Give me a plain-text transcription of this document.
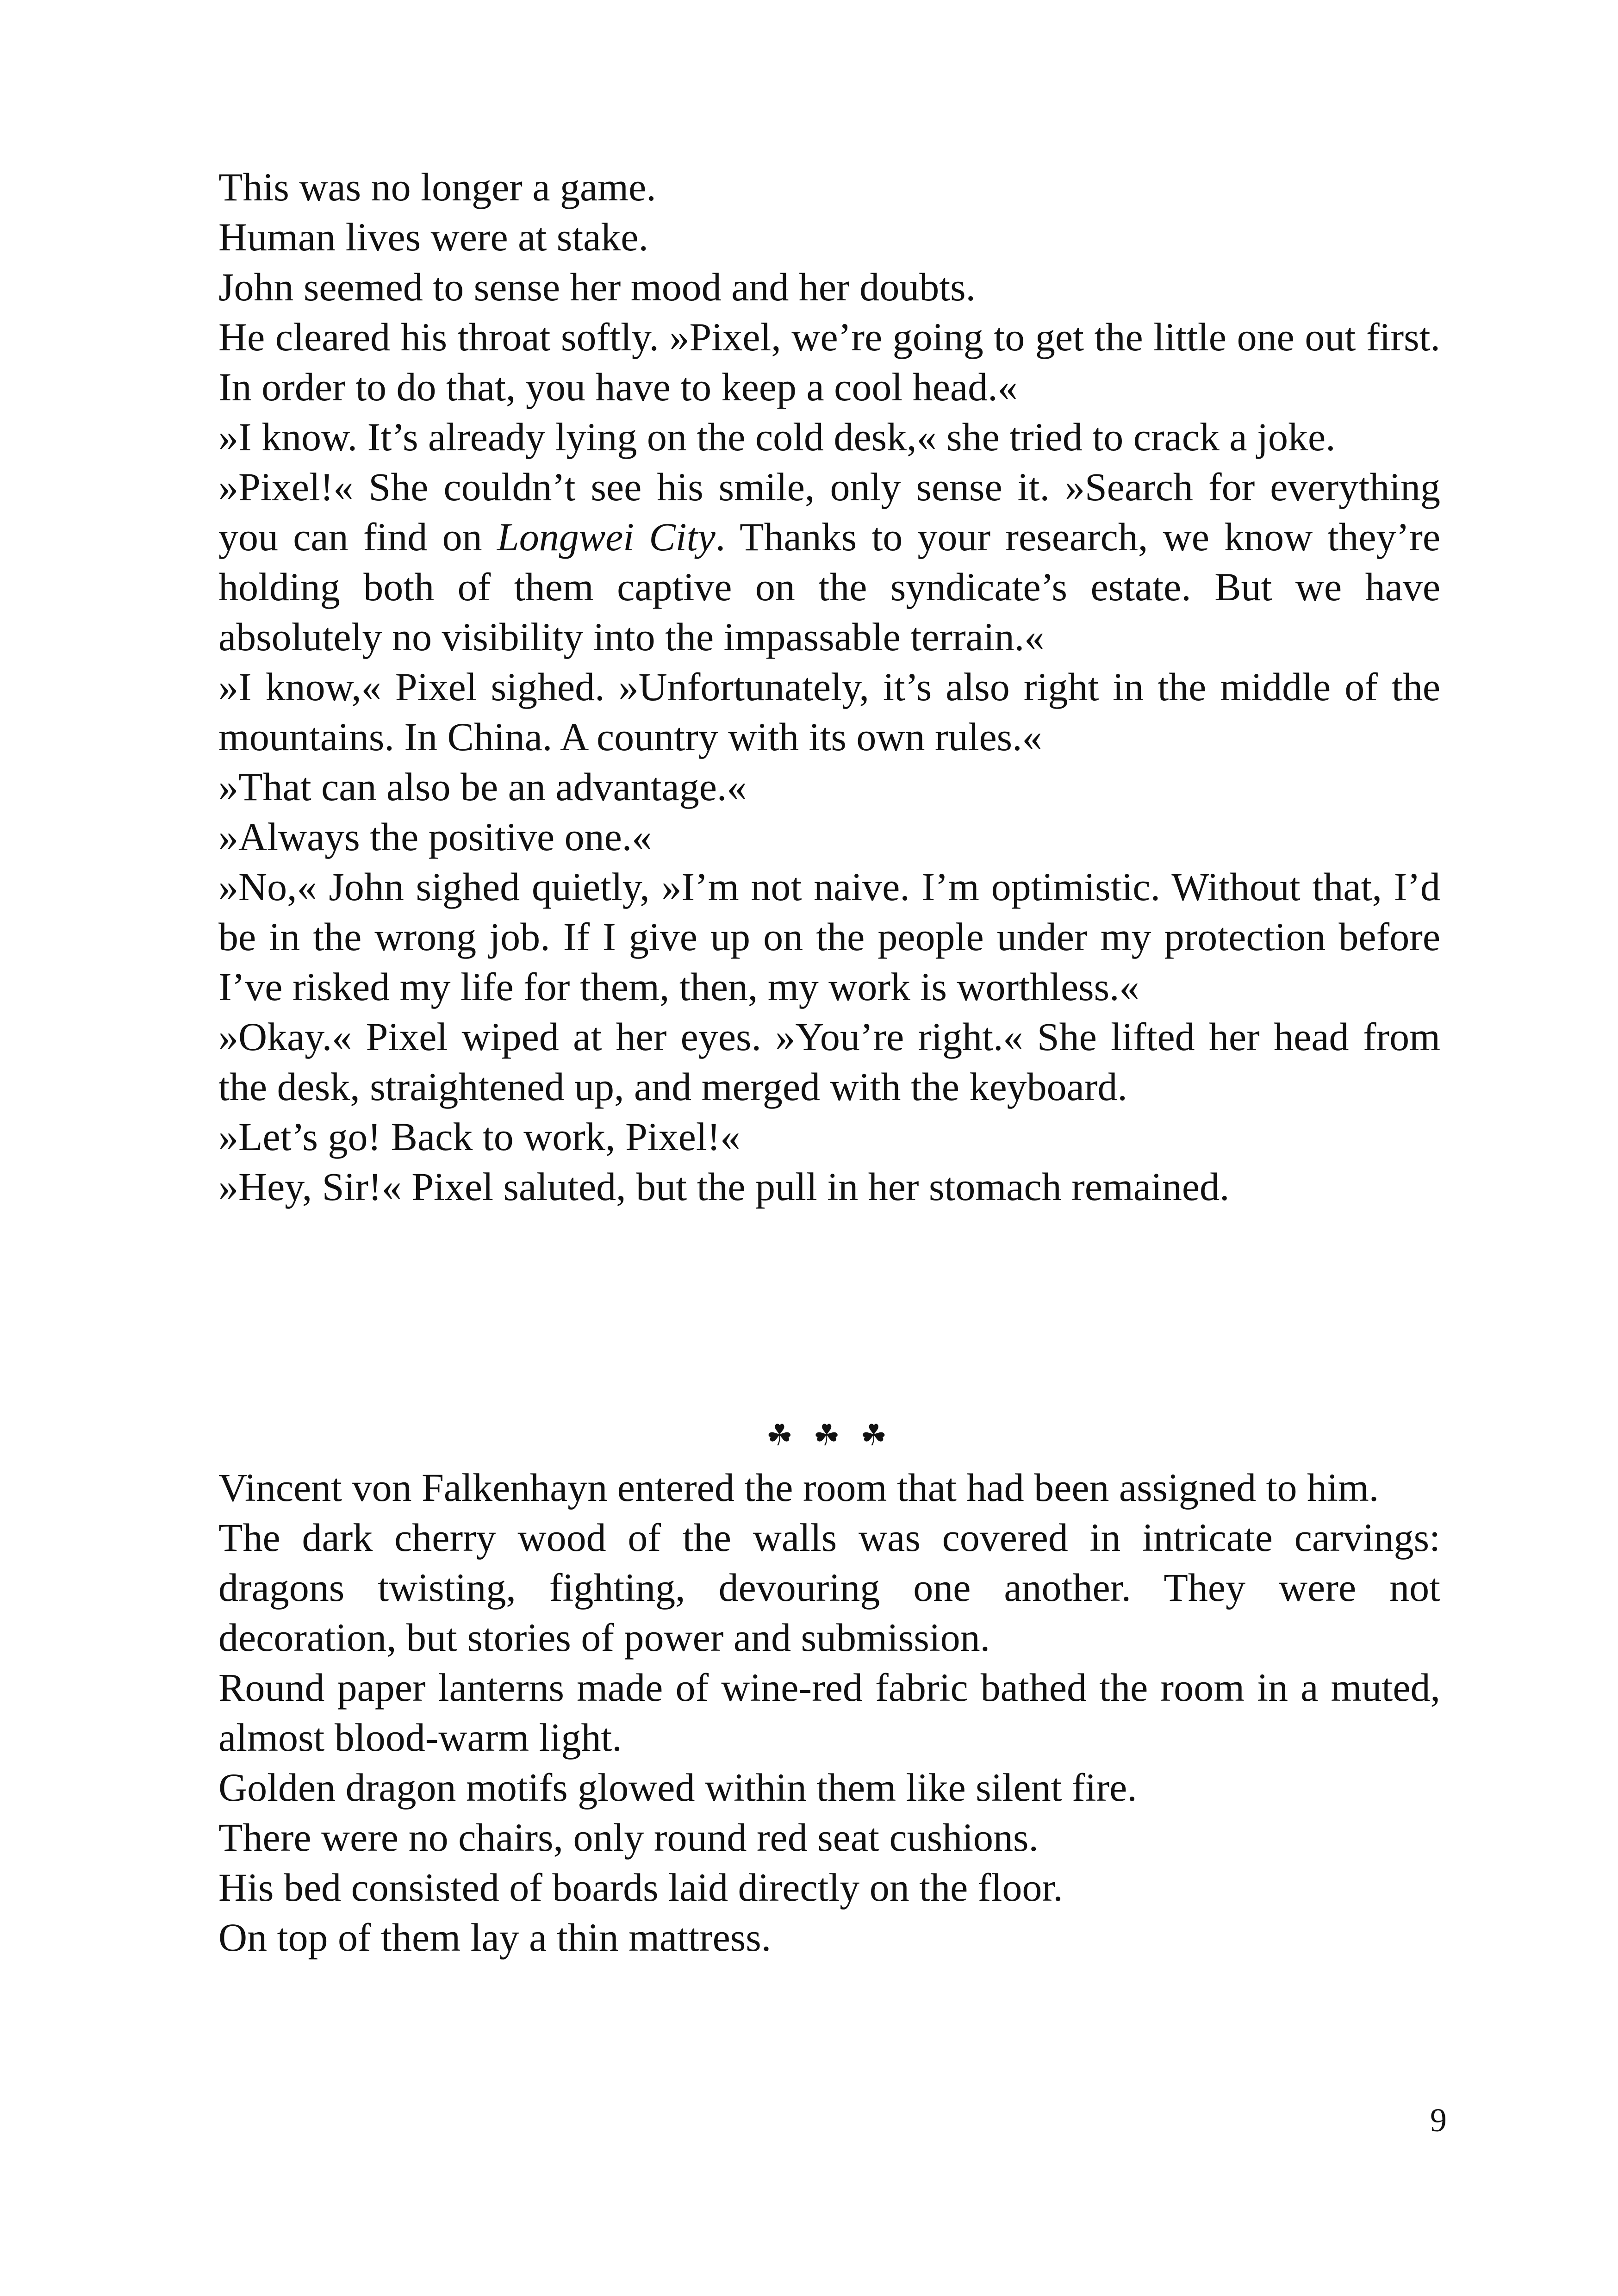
This was no longer a game.

Human lives were at stake.

John seemed to sense her mood and her doubts.

He cleared his throat softly. »Pixel, we’re going to get the little one out first. In order to do that, you have to keep a cool head.«

»I know. It’s already lying on the cold desk,« she tried to crack a joke.

»Pixel!« She couldn’t see his smile, only sense it. »Search for everything you can find on Longwei City. Thanks to your research, we know they’re holding both of them captive on the syndicate’s estate. But we have absolutely no visibility into the impassable terrain.«

»I know,« Pixel sighed. »Unfortunately, it’s also right in the middle of the mountains. In China. A country with its own rules.«

»That can also be an advantage.«

»Always the positive one.«

»No,« John sighed quietly, »I’m not naive. I’m optimistic. Without that, I’d be in the wrong job. If I give up on the people under my protection before I’ve risked my life for them, then, my work is worthless.«

»Okay.« Pixel wiped at her eyes. »You’re right.« She lifted her head from the desk, straightened up, and merged with the keyboard.

»Let’s go! Back to work, Pixel!«

»Hey, Sir!« Pixel saluted, but the pull in her stomach remained.

☘ ☘ ☘

Vincent von Falkenhayn entered the room that had been assigned to him.

The dark cherry wood of the walls was covered in intricate carvings: dragons twisting, fighting, devouring one another. They were not decoration, but stories of power and submission.

Round paper lanterns made of wine-red fabric bathed the room in a muted, almost blood-warm light.

Golden dragon motifs glowed within them like silent fire.

There were no chairs, only round red seat cushions.

His bed consisted of boards laid directly on the floor.

On top of them lay a thin mattress.

9
